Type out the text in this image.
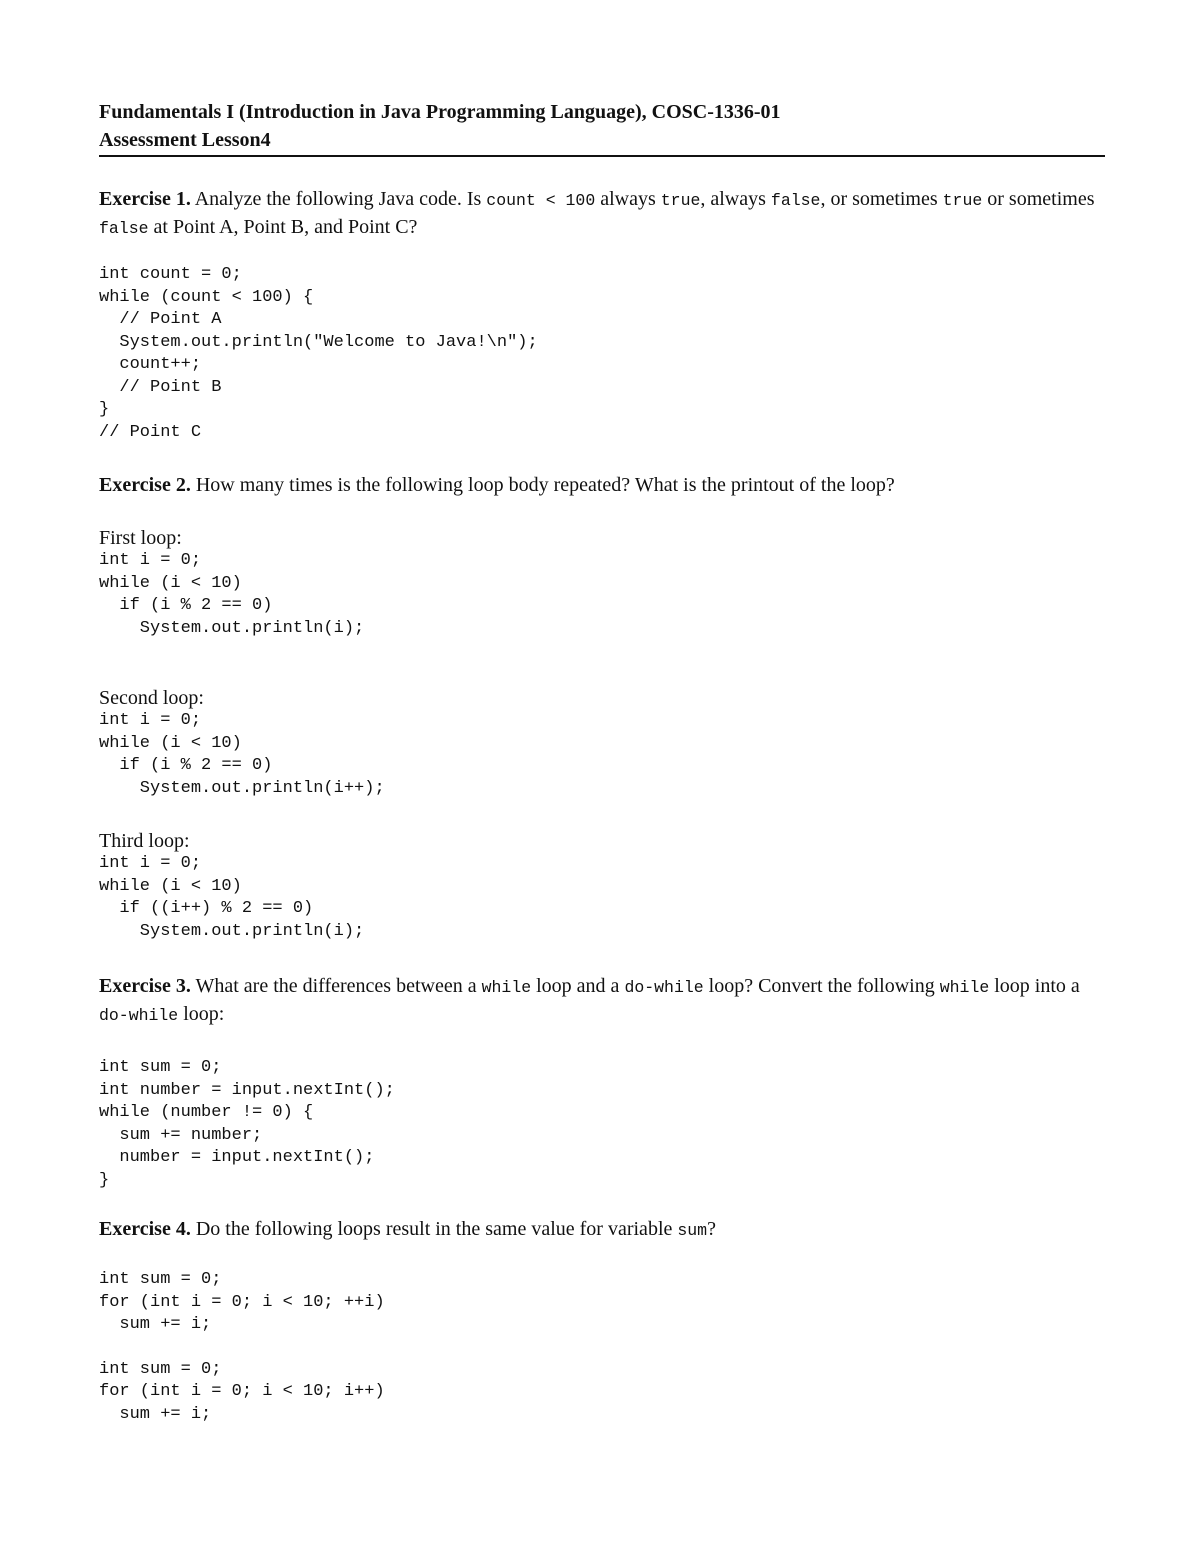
Fundamentals I (Introduction in Java Programming Language), COSC-1336-01
Assessment Lesson4
Exercise 1. Analyze the following Java code. Is count < 100 always true, always false, or sometimes true or sometimes false at Point A, Point B, and Point C?
int count = 0;
while (count < 100) {
// Point A
System.out.println("Welcome to Java!\n");
count++;
// Point B
}
// Point C
Exercise 2. How many times is the following loop body repeated? What is the printout of the loop?
First loop:
int i = 0;
while (i < 10)
if (i % 2 == 0)
System.out.println(i);
Second loop:
int i = 0;
while (i < 10)
if (i % 2 == 0)
System.out.println(i++);
Third loop:
int i = 0;
while (i < 10)
if ((i++) % 2 == 0)
System.out.println(i);
Exercise 3. What are the differences between a while loop and a do-while loop? Convert the following while loop into a do-while loop:
int sum = 0;
int number = input.nextInt();
while (number != 0) {
sum += number;
number = input.nextInt();
}
Exercise 4. Do the following loops result in the same value for variable sum?
int sum = 0;
for (int i = 0; i < 10; ++i)
sum += i;
int sum = 0;
for (int i = 0; i < 10; i++)
sum += i;
